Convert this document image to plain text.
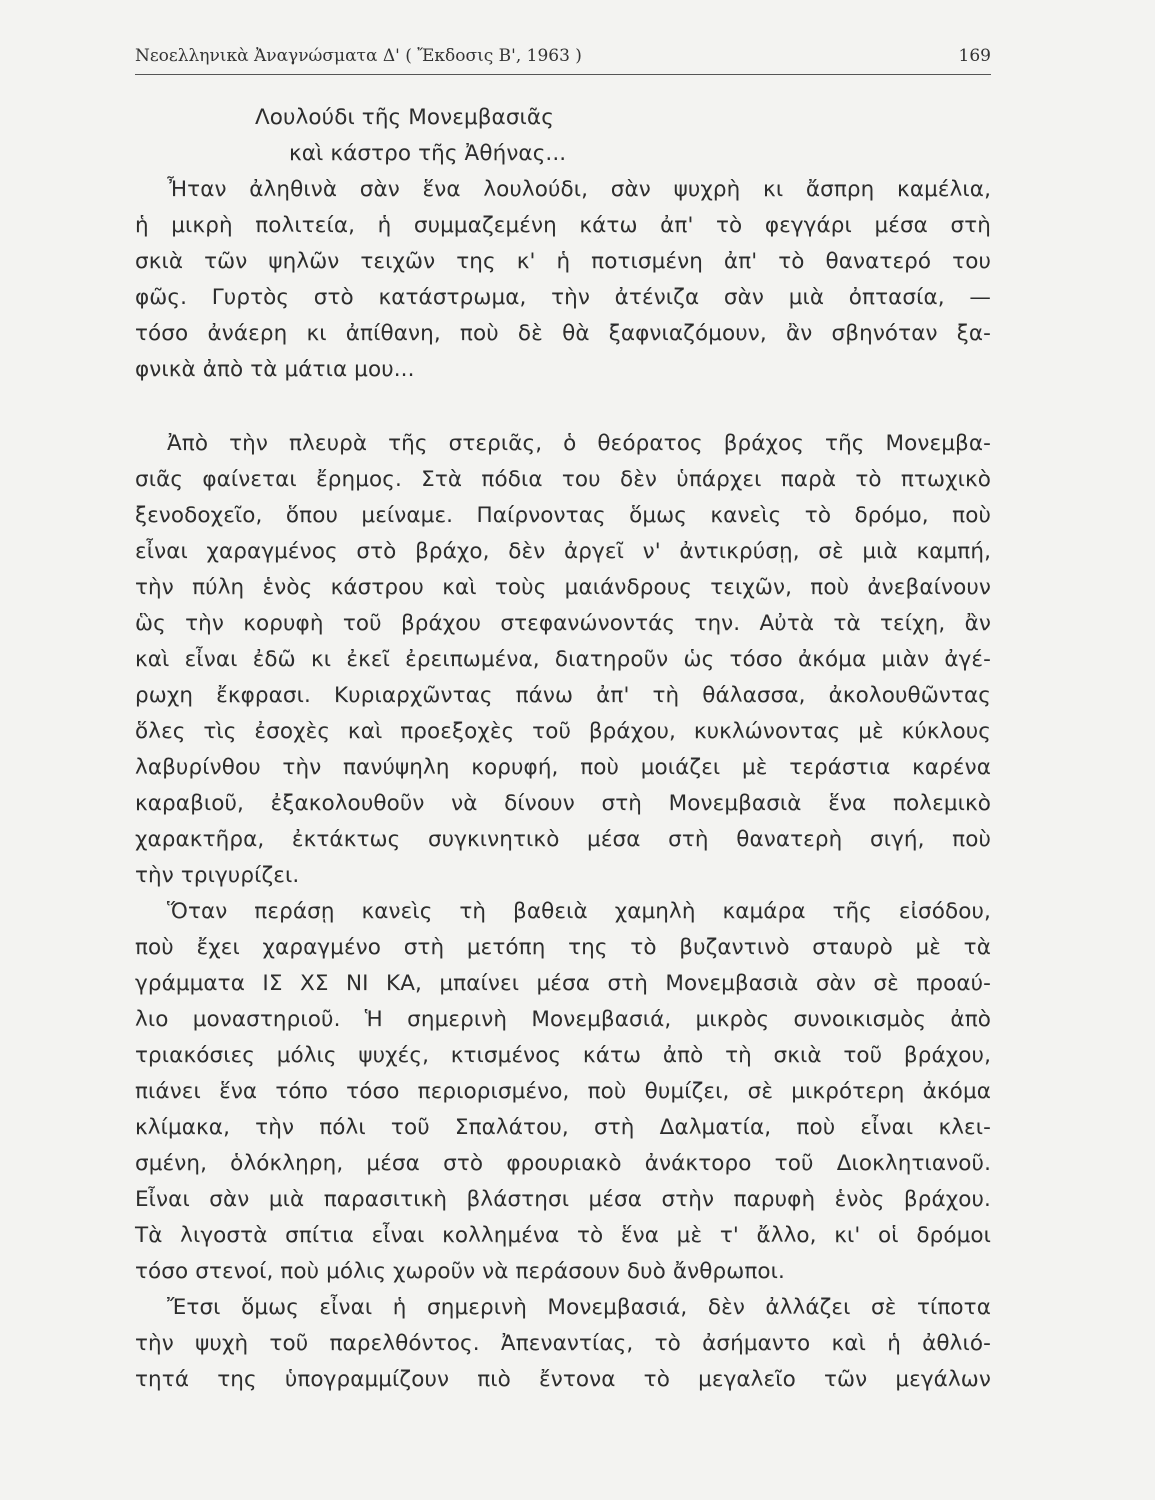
Νεοελληνικὰ Ἀναγνώσματα Δ' ( Ἔκδοσις Β', 1963 )	169
Λουλούδι τῆς Μονεμβασιᾶς
καὶ κάστρο τῆς Ἀθήνας...
Ἦταν ἀληθινὰ σὰν ἕνα λουλούδι, σὰν ψυχρὴ κι ἄσπρη καμέλια,
ἡ μικρὴ πολιτεία, ἡ συμμαζεμένη κάτω ἀπ' τὸ φεγγάρι μέσα στὴ
σκιὰ τῶν ψηλῶν τειχῶν της κ' ἡ ποτισμένη ἀπ' τὸ θανατερό του
φῶς. Γυρτὸς στὸ κατάστρωμα, τὴν ἀτένιζα σὰν μιὰ ὀπτασία, —
τόσο ἀνάερη κι ἀπίθανη, ποὺ δὲ θὰ ξαφνιαζόμουν, ἂν σβηνόταν ξα-
φνικὰ ἀπὸ τὰ μάτια μου...
Ἀπὸ τὴν πλευρὰ τῆς στεριᾶς, ὁ θεόρατος βράχος τῆς Μονεμβα-
σιᾶς φαίνεται ἔρημος. Στὰ πόδια του δὲν ὑπάρχει παρὰ τὸ πτωχικὸ
ξενοδοχεῖο, ὅπου μείναμε. Παίρνοντας ὅμως κανεὶς τὸ δρόμο, ποὺ
εἶναι χαραγμένος στὸ βράχο, δὲν ἀργεῖ ν' ἀντικρύσῃ, σὲ μιὰ καμπή,
τὴν πύλη ἑνὸς κάστρου καὶ τοὺς μαιάνδρους τειχῶν, ποὺ ἀνεβαίνουν
ὣς τὴν κορυφὴ τοῦ βράχου στεφανώνοντάς την. Αὐτὰ τὰ τείχη, ἂν
καὶ εἶναι ἐδῶ κι ἐκεῖ ἐρειπωμένα, διατηροῦν ὡς τόσο ἀκόμα μιὰν ἀγέ-
ρωχη ἔκφρασι. Κυριαρχῶντας πάνω ἀπ' τὴ θάλασσα, ἀκολουθῶντας
ὅλες τὶς ἐσοχὲς καὶ προεξοχὲς τοῦ βράχου, κυκλώνοντας μὲ κύκλους
λαβυρίνθου τὴν πανύψηλη κορυφή, ποὺ μοιάζει μὲ τεράστια καρένα
καραβιοῦ, ἐξακολουθοῦν νὰ δίνουν στὴ Μονεμβασιὰ ἕνα πολεμικὸ
χαρακτῆρα, ἐκτάκτως συγκινητικὸ μέσα στὴ θανατερὴ σιγή, ποὺ
τὴν τριγυρίζει.
Ὅταν περάσῃ κανεὶς τὴ βαθειὰ χαμηλὴ καμάρα τῆς εἰσόδου,
ποὺ ἔχει χαραγμένο στὴ μετόπη της τὸ βυζαντινὸ σταυρὸ μὲ τὰ
γράμματα ΙΣ ΧΣ ΝΙ ΚΑ, μπαίνει μέσα στὴ Μονεμβασιὰ σὰν σὲ προαύ-
λιο μοναστηριοῦ. Ἡ σημερινὴ Μονεμβασιά, μικρὸς συνοικισμὸς ἀπὸ
τριακόσιες μόλις ψυχές, κτισμένος κάτω ἀπὸ τὴ σκιὰ τοῦ βράχου,
πιάνει ἕνα τόπο τόσο περιορισμένο, ποὺ θυμίζει, σὲ μικρότερη ἀκόμα
κλίμακα, τὴν πόλι τοῦ Σπαλάτου, στὴ Δαλματία, ποὺ εἶναι κλει-
σμένη, ὁλόκληρη, μέσα στὸ φρουριακὸ ἀνάκτορο τοῦ Διοκλητιανοῦ.
Εἶναι σὰν μιὰ παρασιτικὴ βλάστησι μέσα στὴν παρυφὴ ἑνὸς βράχου.
Τὰ λιγοστὰ σπίτια εἶναι κολλημένα τὸ ἕνα μὲ τ' ἄλλο, κι' οἱ δρόμοι
τόσο στενοί, ποὺ μόλις χωροῦν νὰ περάσουν δυὸ ἄνθρωποι.
Ἔτσι ὅμως εἶναι ἡ σημερινὴ Μονεμβασιά, δὲν ἀλλάζει σὲ τίποτα
τὴν ψυχὴ τοῦ παρελθόντος. Ἀπεναντίας, τὸ ἀσήμαντο καὶ ἡ ἀθλιό-
τητά της ὑπογραμμίζουν πιὸ ἔντονα τὸ μεγαλεῖο τῶν μεγάλων
